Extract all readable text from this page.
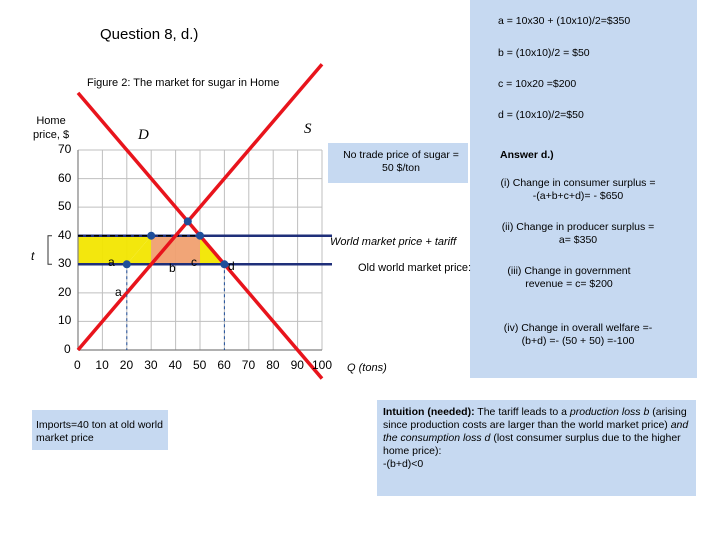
a = 10x30 + (10x10)/2=$350
b = (10x10)/2 = $50
c = 10x20 =$200
d = (10x10)/2=$50
Answer d.)
(i) Change in consumer surplus = -(a+b+c+d)= - $650
(ii) Change in producer surplus = a= $350
(iii) Change in government revenue = c= $200
(iv) Change in overall welfare =-(b+d) =- (50 + 50) =-100
Question 8, d.)
Figure 2: The market for sugar in Home
Home
price, $
No trade price of sugar = 50 $/ton
0 10 20 30 40 50 60 70 80 90 100
0
10
20
30
40
50
60
70
D	S
World market price + tariff
Old world market price:
t	a
a
b c	d
Q (tons)
Imports=40 ton at old world market price
Intuition (needed): The tariff leads to a production loss b (arising since production costs are larger than the world market price) and the consumption loss d (lost consumer surplus due to the higher home price):
-(b+d)<0
